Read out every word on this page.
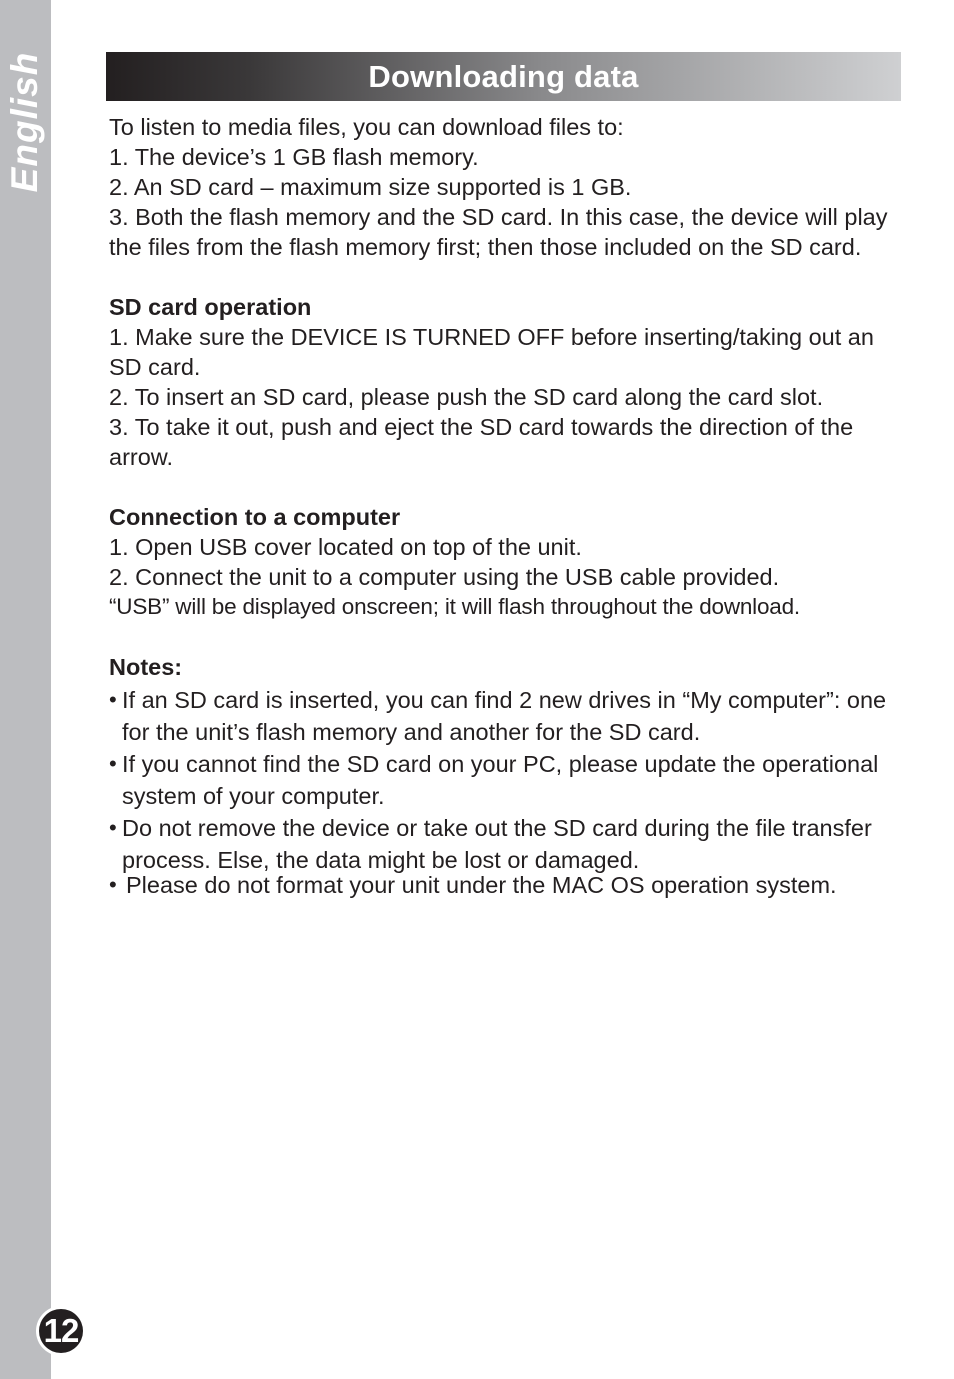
English
12
Downloading data

To listen to media files, you can download files to:

1. The device’s 1 GB flash memory.

2. An SD card – maximum size supported is 1 GB.

3. Both the flash memory and the SD card. In this case, the device will play the files from the flash memory first; then those included on the SD card.

SD card operation

1. Make sure the DEVICE IS TURNED OFF before inserting/taking out an SD card.

2. To insert an SD card, please push the SD card along the card slot.

3. To take it out, push and eject the SD card towards the direction of the arrow.

Connection to a computer

1. Open USB cover located on top of the unit.

2. Connect the unit to a computer using the USB cable provided.

“USB” will be displayed onscreen; it will flash throughout the download.

Notes:

• If an SD card is inserted, you can find 2 new drives in “My computer”: one for the unit’s flash memory and another for the SD card.
• If you cannot find the SD card on your PC, please update the operational system of your computer.
• Do not remove the device or take out the SD card during the file transfer process. Else, the data might be lost or damaged.
• Please do not format your unit under the MAC OS operation system.
